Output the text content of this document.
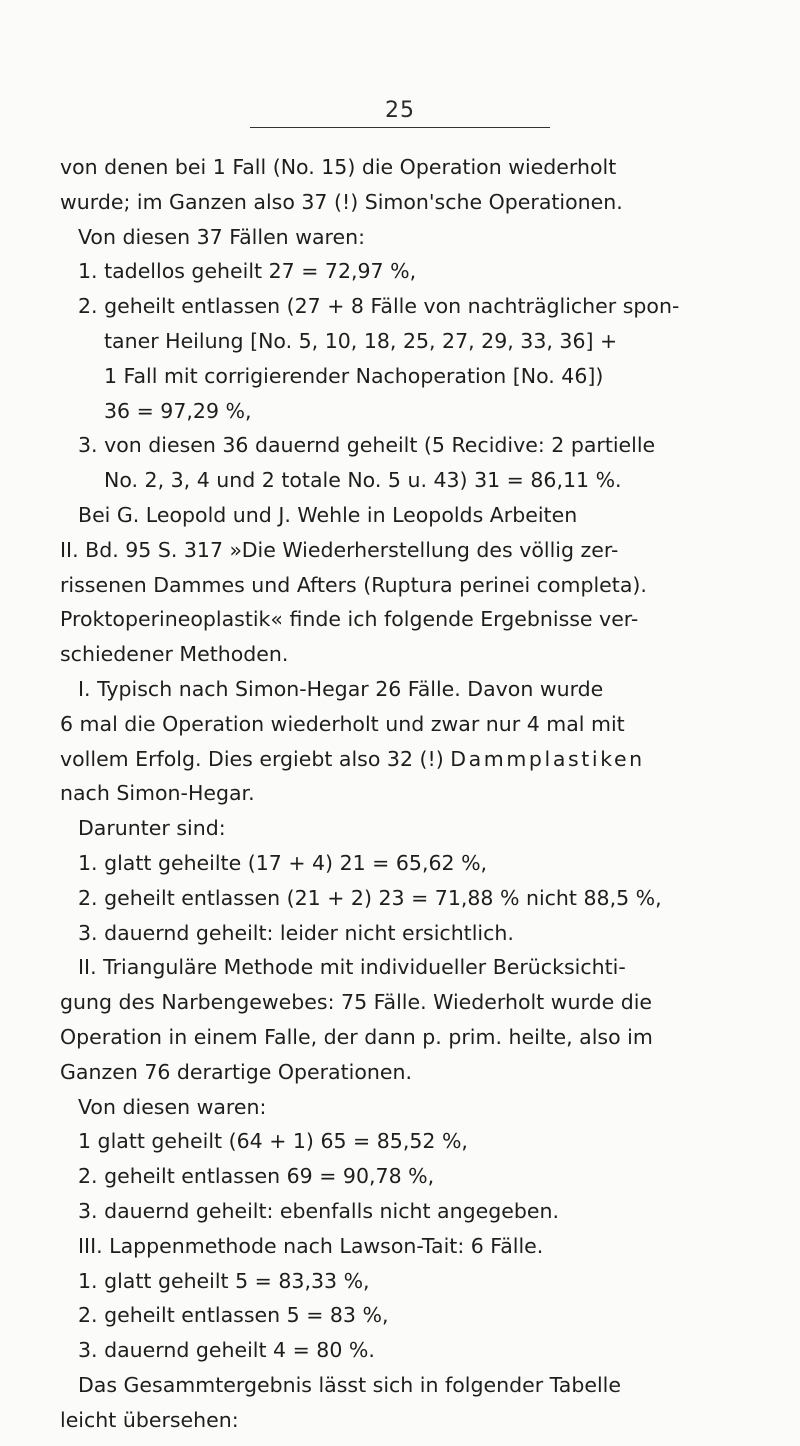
25
von denen bei 1 Fall (No. 15) die Operation wiederholt
wurde; im Ganzen also 37 (!) Simon'sche Operationen.
Von diesen 37 Fällen waren:
1. tadellos geheilt 27 = 72,97 %,
2. geheilt entlassen (27 + 8 Fälle von nachträglicher spon-
taner Heilung [No. 5, 10, 18, 25, 27, 29, 33, 36] +
1 Fall mit corrigierender Nachoperation [No. 46])
36 = 97,29 %,
3. von diesen 36 dauernd geheilt (5 Recidive: 2 partielle
No. 2, 3, 4 und 2 totale No. 5 u. 43) 31 = 86,11 %.
Bei G. Leopold und J. Wehle in Leopolds Arbeiten
II. Bd. 95 S. 317 »Die Wiederherstellung des völlig zer-
rissenen Dammes und Afters (Ruptura perinei completa).
Proktoperineoplastik« finde ich folgende Ergebnisse ver-
schiedener Methoden.
I. Typisch nach Simon-Hegar 26 Fälle. Davon wurde
6 mal die Operation wiederholt und zwar nur 4 mal mit
vollem Erfolg. Dies ergiebt also 32 (!) Dammplastiken
nach Simon-Hegar.
Darunter sind:
1. glatt geheilte (17 + 4) 21 = 65,62 %,
2. geheilt entlassen (21 + 2) 23 = 71,88 % nicht 88,5 %,
3. dauernd geheilt: leider nicht ersichtlich.
II. Trianguläre Methode mit individueller Berücksichti-
gung des Narbengewebes: 75 Fälle. Wiederholt wurde die
Operation in einem Falle, der dann p. prim. heilte, also im
Ganzen 76 derartige Operationen.
Von diesen waren:
1 glatt geheilt (64 + 1) 65 = 85,52 %,
2. geheilt entlassen 69 = 90,78 %,
3. dauernd geheilt: ebenfalls nicht angegeben.
III. Lappenmethode nach Lawson-Tait: 6 Fälle.
1. glatt geheilt 5 = 83,33 %,
2. geheilt entlassen 5 = 83 %,
3. dauernd geheilt 4 = 80 %.
Das Gesammtergebnis lässt sich in folgender Tabelle
leicht übersehen:
